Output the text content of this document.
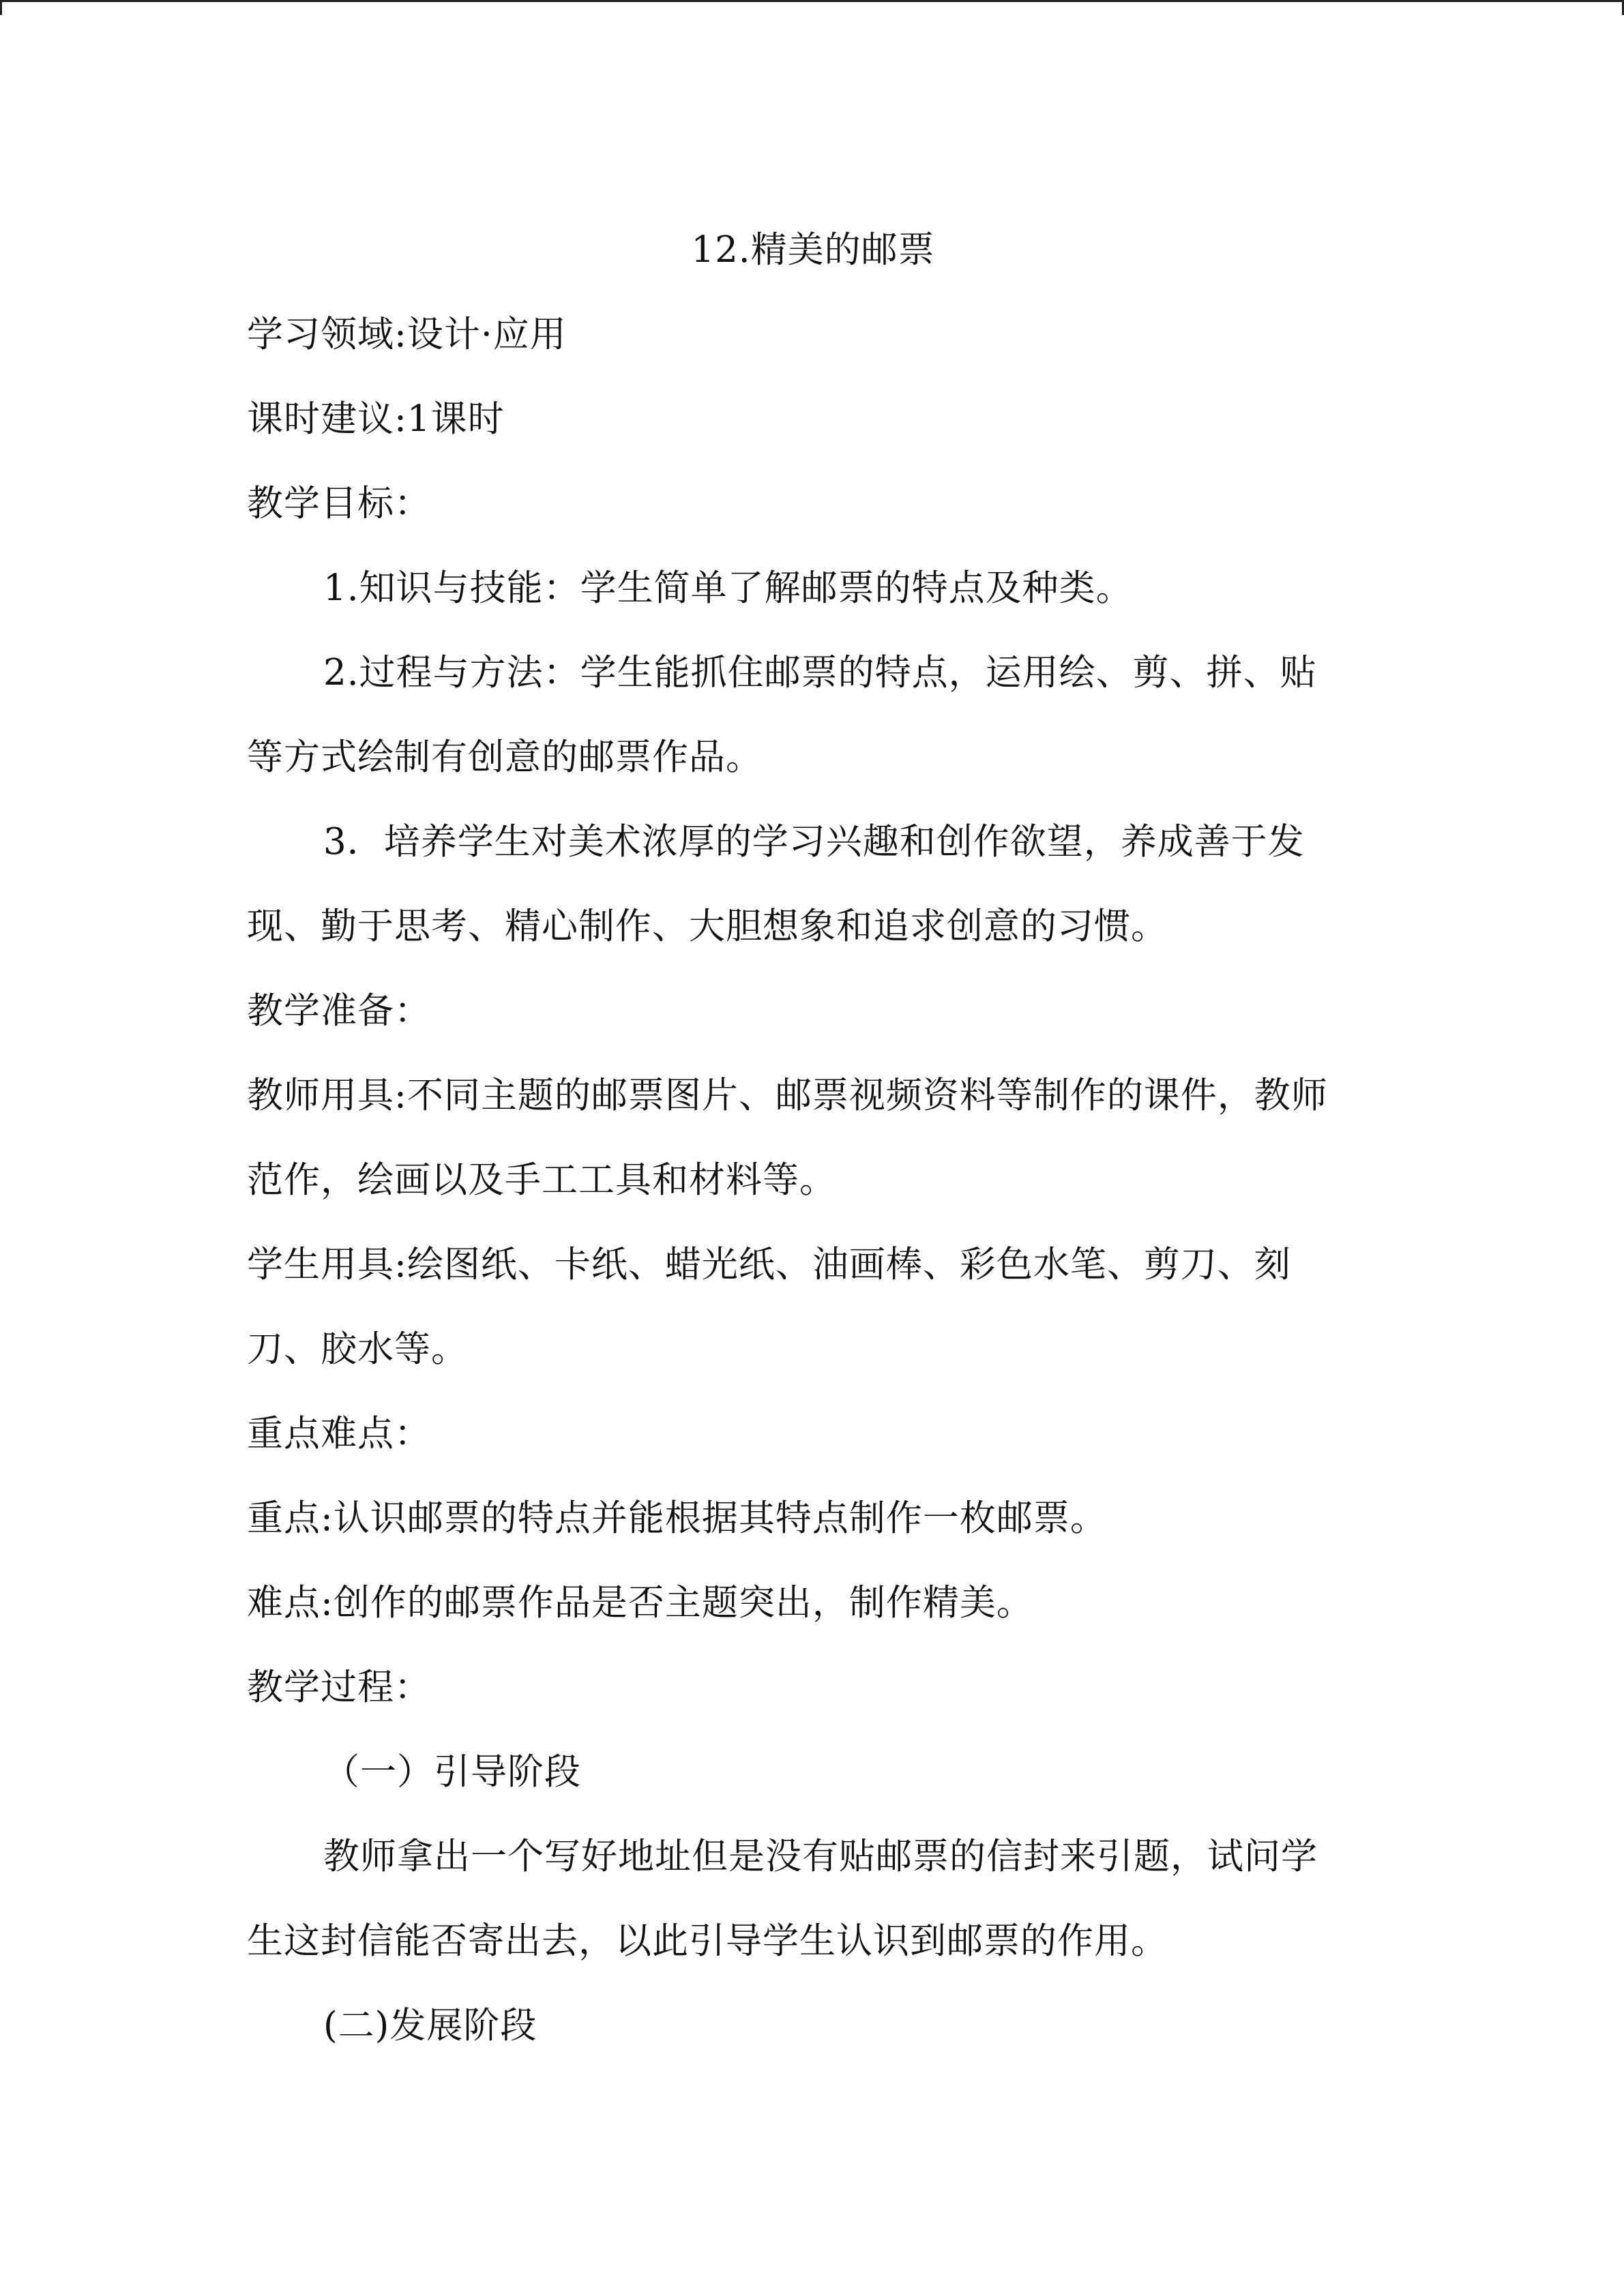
12.精美的邮票
学习领域:设计·应用
课时建议:1课时
教学目标：
1.知识与技能：学生简单了解邮票的特点及种类。
2.过程与方法：学生能抓住邮票的特点，运用绘、剪、拼、贴
等方式绘制有创意的邮票作品。
3．培养学生对美术浓厚的学习兴趣和创作欲望，养成善于发
现、勤于思考、精心制作、大胆想象和追求创意的习惯。
教学准备：
教师用具:不同主题的邮票图片、邮票视频资料等制作的课件，教师
范作，绘画以及手工工具和材料等。
学生用具:绘图纸、卡纸、蜡光纸、油画棒、彩色水笔、剪刀、刻
刀、胶水等。
重点难点：
重点:认识邮票的特点并能根据其特点制作一枚邮票。
难点:创作的邮票作品是否主题突出，制作精美。
教学过程：
（一）引导阶段
教师拿出一个写好地址但是没有贴邮票的信封来引题，试问学
生这封信能否寄出去，以此引导学生认识到邮票的作用。
(二)发展阶段
